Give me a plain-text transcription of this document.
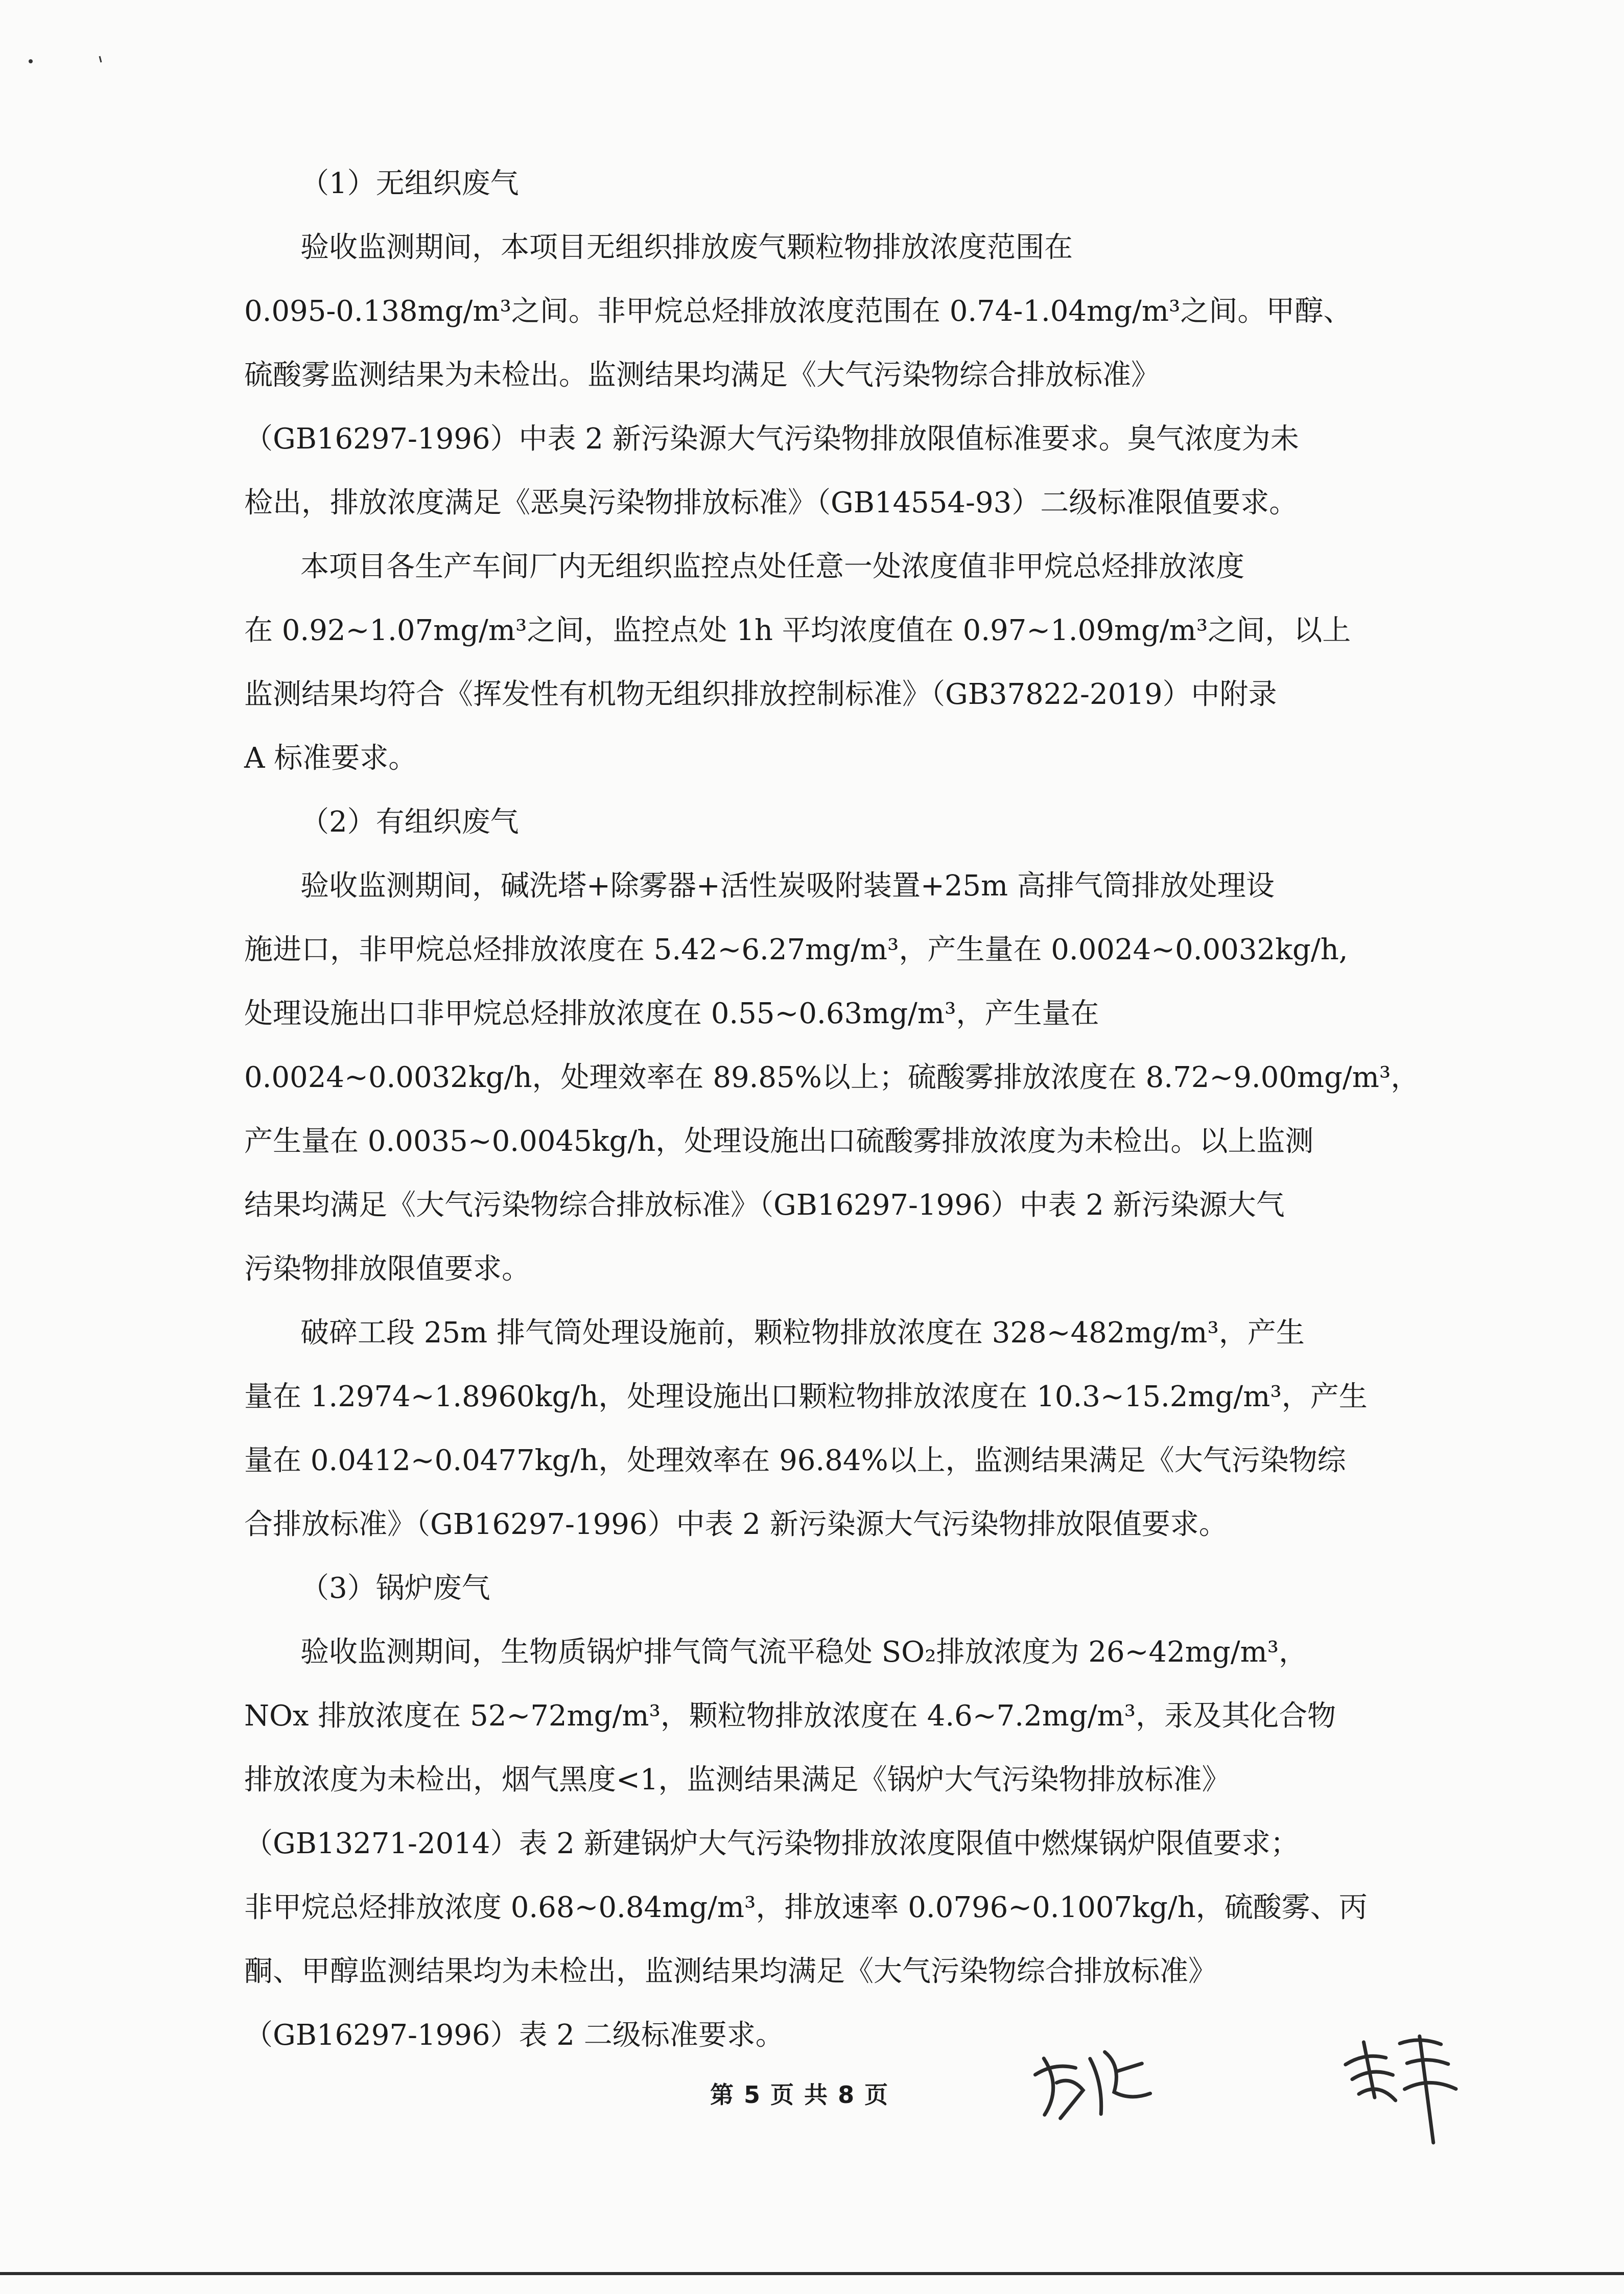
（1）无组织废气
验收监测期间，本项目无组织排放废气颗粒物排放浓度范围在
0.095-0.138mg/m³之间。非甲烷总烃排放浓度范围在 0.74-1.04mg/m³之间。甲醇、
硫酸雾监测结果为未检出。监测结果均满足《大气污染物综合排放标准》
（GB16297-1996）中表 2 新污染源大气污染物排放限值标准要求。臭气浓度为未
检出，排放浓度满足《恶臭污染物排放标准》（GB14554-93）二级标准限值要求。
本项目各生产车间厂内无组织监控点处任意一处浓度值非甲烷总烃排放浓度
在 0.92~1.07mg/m³之间，监控点处 1h 平均浓度值在 0.97~1.09mg/m³之间，以上
监测结果均符合《挥发性有机物无组织排放控制标准》（GB37822-2019）中附录
A 标准要求。
（2）有组织废气
验收监测期间，碱洗塔+除雾器+活性炭吸附装置+25m 高排气筒排放处理设
施进口，非甲烷总烃排放浓度在 5.42~6.27mg/m³，产生量在 0.0024~0.0032kg/h,
处理设施出口非甲烷总烃排放浓度在 0.55~0.63mg/m³，产生量在
0.0024~0.0032kg/h，处理效率在 89.85%以上；硫酸雾排放浓度在 8.72~9.00mg/m³，
产生量在 0.0035~0.0045kg/h，处理设施出口硫酸雾排放浓度为未检出。以上监测
结果均满足《大气污染物综合排放标准》（GB16297-1996）中表 2 新污染源大气
污染物排放限值要求。
破碎工段 25m 排气筒处理设施前，颗粒物排放浓度在 328~482mg/m³，产生
量在 1.2974~1.8960kg/h，处理设施出口颗粒物排放浓度在 10.3~15.2mg/m³，产生
量在 0.0412~0.0477kg/h，处理效率在 96.84%以上，监测结果满足《大气污染物综
合排放标准》（GB16297-1996）中表 2 新污染源大气污染物排放限值要求。
（3）锅炉废气
验收监测期间，生物质锅炉排气筒气流平稳处 SO₂排放浓度为 26~42mg/m³，
NOx 排放浓度在 52~72mg/m³，颗粒物排放浓度在 4.6~7.2mg/m³，汞及其化合物
排放浓度为未检出，烟气黑度<1，监测结果满足《锅炉大气污染物排放标准》
（GB13271-2014）表 2 新建锅炉大气污染物排放浓度限值中燃煤锅炉限值要求；
非甲烷总烃排放浓度 0.68~0.84mg/m³，排放速率 0.0796~0.1007kg/h，硫酸雾、丙
酮、甲醇监测结果均为未检出，监测结果均满足《大气污染物综合排放标准》
（GB16297-1996）表 2 二级标准要求。
第 5 页 共 8 页
